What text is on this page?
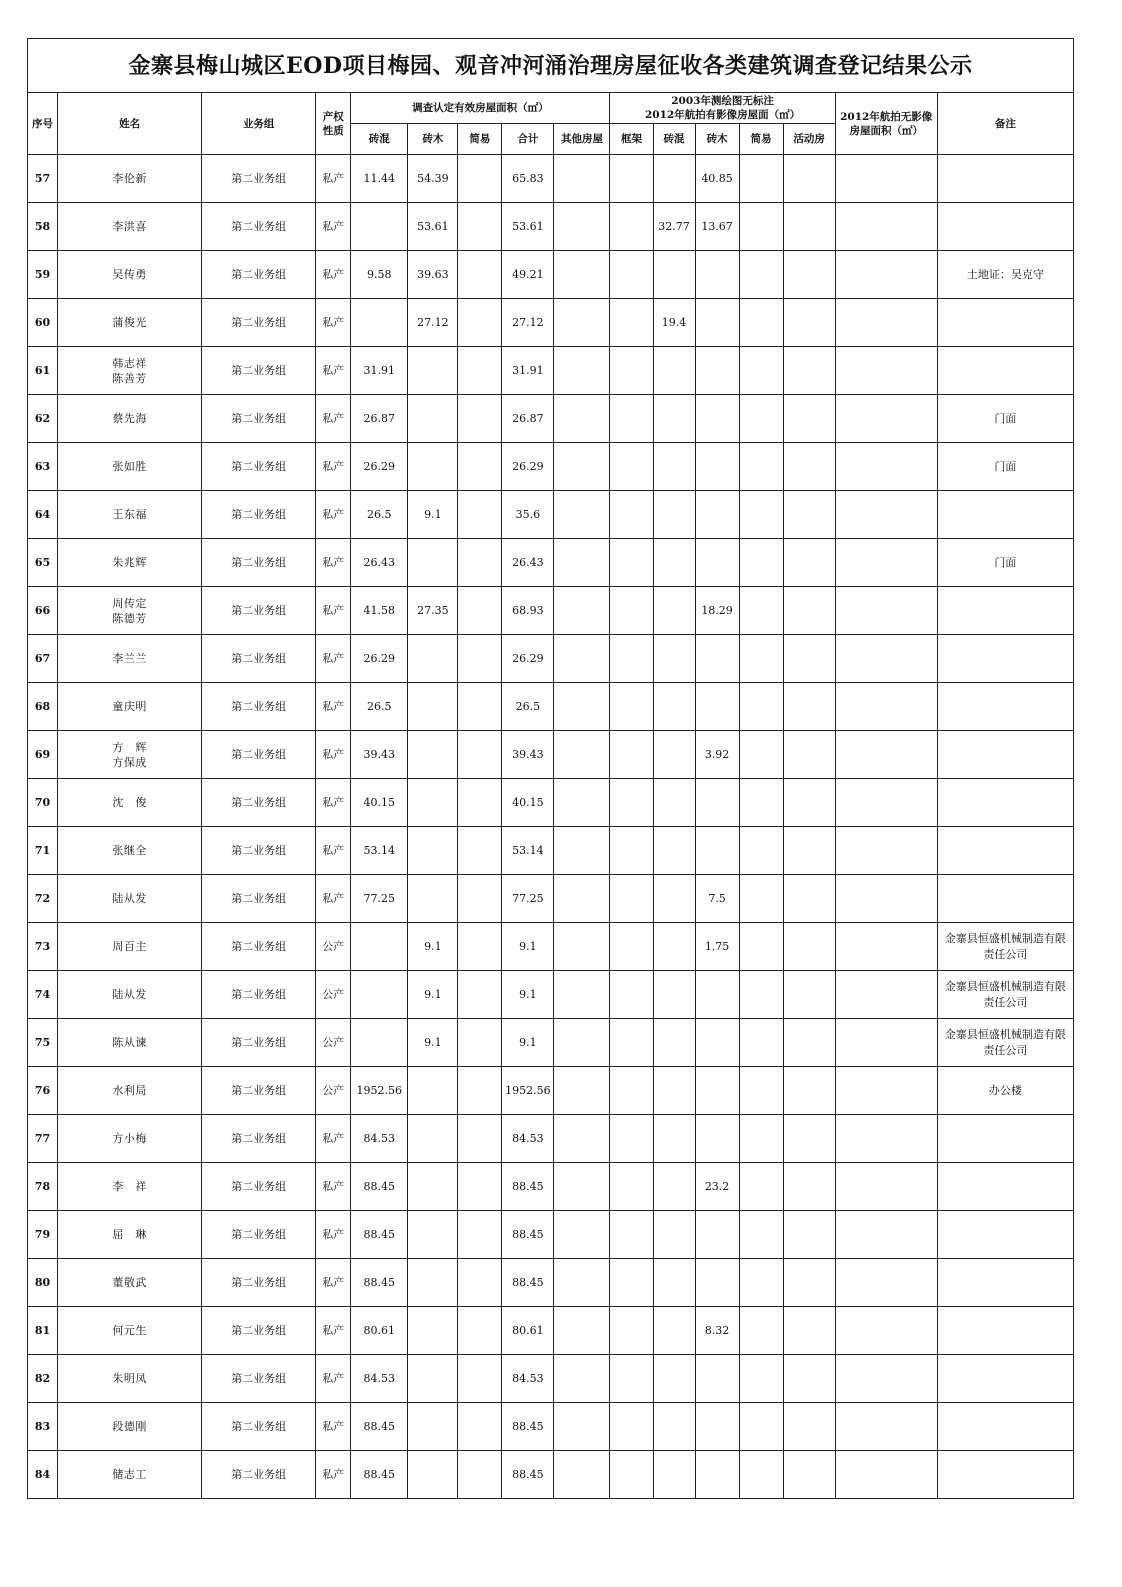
金寨县梅山城区EOD项目梅园、观音冲河涌治理房屋征收各类建筑调查登记结果公示															
序号	姓名	业务组	产权
性质	调查认定有效房屋面积（㎡）					2003年测绘图无标注
2012年航拍有影像房屋面（㎡）					2012年航拍无影像
房屋面积（㎡）	备注
				砖混	砖木	简易	合计	其他房屋	框架	砖混	砖木	简易	活动房		
57	李伦新	第二业务组	私产	11.44	54.39		65.83				40.85				
58	李洪喜	第二业务组	私产		53.61		53.61			32.77	13.67				
59	吴传勇	第二业务组	私产	9.58	39.63		49.21								土地证：吴克守
60	蒲俊光	第二业务组	私产		27.12		27.12			19.4					
61	韩志祥
陈善芳	第二业务组	私产	31.91			31.91								
62	蔡先海	第二业务组	私产	26.87			26.87								门面
63	张如胜	第二业务组	私产	26.29			26.29								门面
64	王东福	第二业务组	私产	26.5	9.1		35.6								
65	朱兆辉	第二业务组	私产	26.43			26.43								门面
66	周传定
陈德芳	第二业务组	私产	41.58	27.35		68.93				18.29				
67	李兰兰	第二业务组	私产	26.29			26.29								
68	童庆明	第二业务组	私产	26.5			26.5								
69	方　辉
方保成	第二业务组	私产	39.43			39.43				3.92				
70	沈　俊	第二业务组	私产	40.15			40.15								
71	张继全	第二业务组	私产	53.14			53.14								
72	陆从发	第二业务组	私产	77.25			77.25				7.5				
73	周百主	第二业务组	公产		9.1		9.1				1.75				金寨县恒盛机械制造有限责任公司
74	陆从发	第二业务组	公产		9.1		9.1								金寨县恒盛机械制造有限责任公司
75	陈从谏	第二业务组	公产		9.1		9.1								金寨县恒盛机械制造有限责任公司
76	水利局	第二业务组	公产	1952.56			1952.56								办公楼
77	方小梅	第二业务组	私产	84.53			84.53								
78	李　祥	第二业务组	私产	88.45			88.45				23.2				
79	屈　琳	第二业务组	私产	88.45			88.45								
80	董敬武	第二业务组	私产	88.45			88.45								
81	何元生	第二业务组	私产	80.61			80.61				8.32				
82	朱明凤	第二业务组	私产	84.53			84.53								
83	段德刚	第二业务组	私产	88.45			88.45								
84	储志工	第二业务组	私产	88.45			88.45								
